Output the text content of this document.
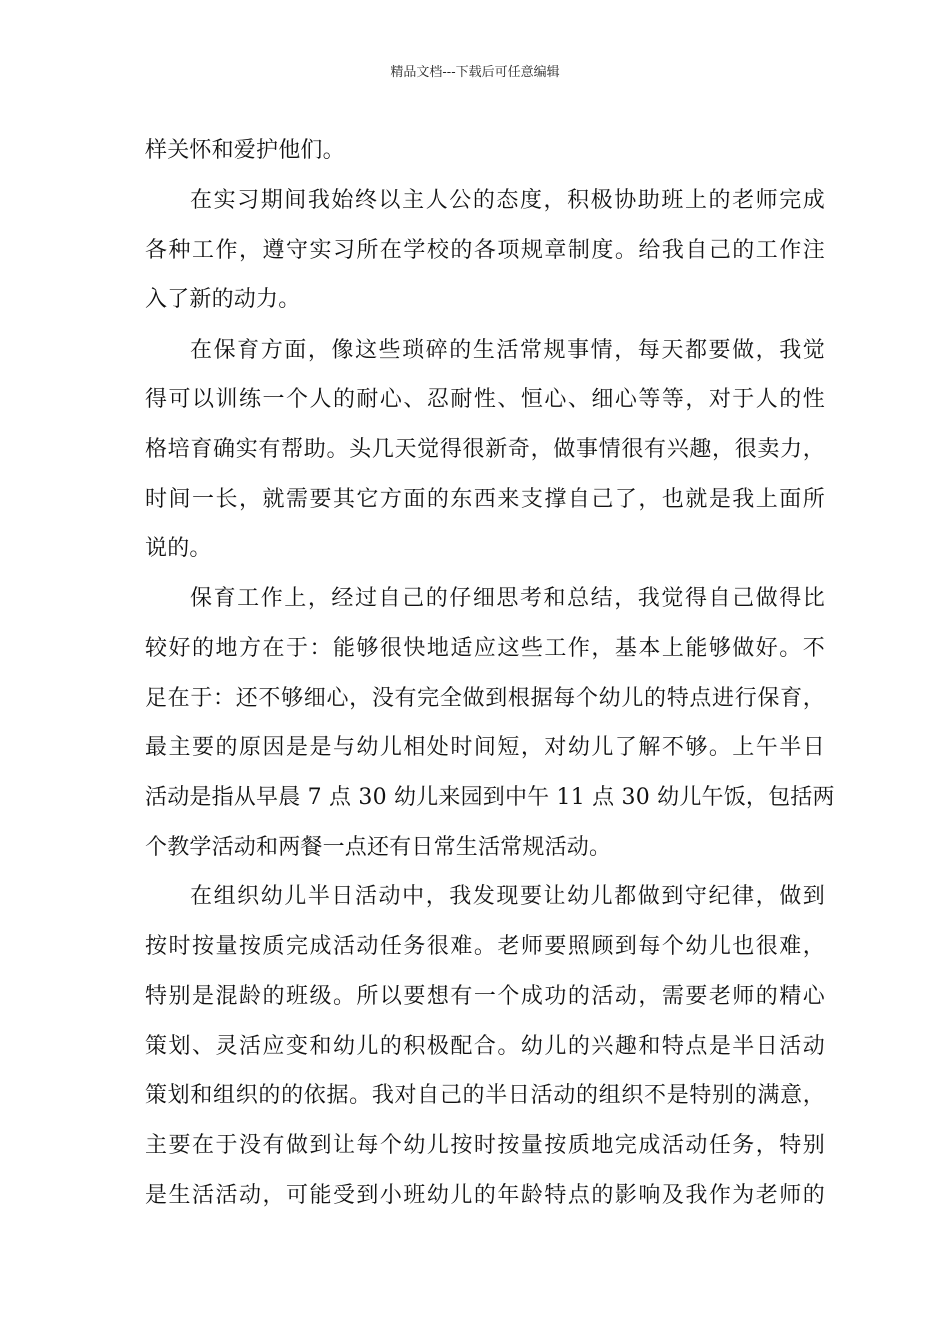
精品文档---下载后可任意编辑
样关怀和爱护他们。
在实习期间我始终以主人公的态度，积极协助班上的老师完成
各种工作，遵守实习所在学校的各项规章制度。给我自己的工作注
入了新的动力。
在保育方面，像这些琐碎的生活常规事情，每天都要做，我觉
得可以训练一个人的耐心、忍耐性、恒心、细心等等，对于人的性
格培育确实有帮助。头几天觉得很新奇，做事情很有兴趣，很卖力，
时间一长，就需要其它方面的东西来支撑自己了，也就是我上面所
说的。
保育工作上，经过自己的仔细思考和总结，我觉得自己做得比
较好的地方在于：能够很快地适应这些工作，基本上能够做好。不
足在于：还不够细心，没有完全做到根据每个幼儿的特点进行保育，
最主要的原因是是与幼儿相处时间短，对幼儿了解不够。上午半日
活动是指从早晨 7 点 30 幼儿来园到中午 11 点 30 幼儿午饭，包括两
个教学活动和两餐一点还有日常生活常规活动。
在组织幼儿半日活动中，我发现要让幼儿都做到守纪律，做到
按时按量按质完成活动任务很难。老师要照顾到每个幼儿也很难，
特别是混龄的班级。所以要想有一个成功的活动，需要老师的精心
策划、灵活应变和幼儿的积极配合。幼儿的兴趣和特点是半日活动
策划和组织的的依据。我对自己的半日活动的组织不是特别的满意，
主要在于没有做到让每个幼儿按时按量按质地完成活动任务，特别
是生活活动，可能受到小班幼儿的年龄特点的影响及我作为老师的
